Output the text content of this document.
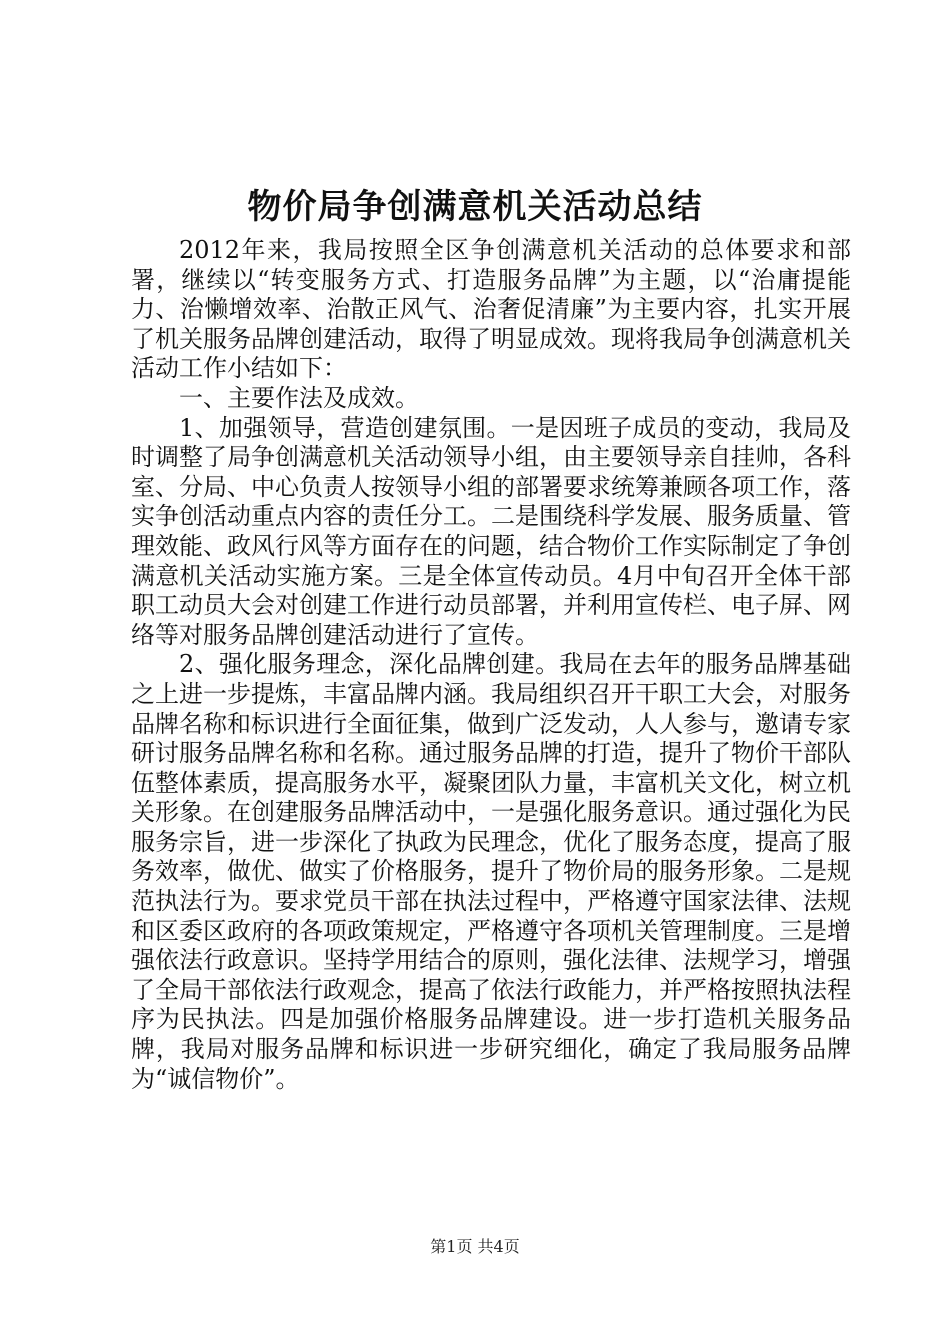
物价局争创满意机关活动总结

2012年来，我局按照全区争创满意机关活动的总体要求和部署，继续以“转变服务方式、打造服务品牌”为主题，以“治庸提能力、治懒增效率、治散正风气、治奢促清廉”为主要内容，扎实开展了机关服务品牌创建活动，取得了明显成效。现将我局争创满意机关活动工作小结如下：

一、主要作法及成效。

1、加强领导，营造创建氛围。一是因班子成员的变动，我局及时调整了局争创满意机关活动领导小组，由主要领导亲自挂帅，各科室、分局、中心负责人按领导小组的部署要求统筹兼顾各项工作，落实争创活动重点内容的责任分工。二是围绕科学发展、服务质量、管理效能、政风行风等方面存在的问题，结合物价工作实际制定了争创满意机关活动实施方案。三是全体宣传动员。4月中旬召开全体干部职工动员大会对创建工作进行动员部署，并利用宣传栏、电子屏、网络等对服务品牌创建活动进行了宣传。

2、强化服务理念，深化品牌创建。我局在去年的服务品牌基础之上进一步提炼，丰富品牌内涵。我局组织召开干职工大会，对服务品牌名称和标识进行全面征集，做到广泛发动，人人参与，邀请专家研讨服务品牌名称和名称。通过服务品牌的打造，提升了物价干部队伍整体素质，提高服务水平，凝聚团队力量，丰富机关文化，树立机关形象。在创建服务品牌活动中，一是强化服务意识。通过强化为民服务宗旨，进一步深化了执政为民理念，优化了服务态度，提高了服务效率，做优、做实了价格服务，提升了物价局的服务形象。二是规范执法行为。要求党员干部在执法过程中，严格遵守国家法律、法规和区委区政府的各项政策规定，严格遵守各项机关管理制度。三是增强依法行政意识。坚持学用结合的原则，强化法律、法规学习，增强了全局干部依法行政观念，提高了依法行政能力，并严格按照执法程序为民执法。四是加强价格服务品牌建设。进一步打造机关服务品牌，我局对服务品牌和标识进一步研究细化，确定了我局服务品牌为“诚信物价”。

第1页 共4页
